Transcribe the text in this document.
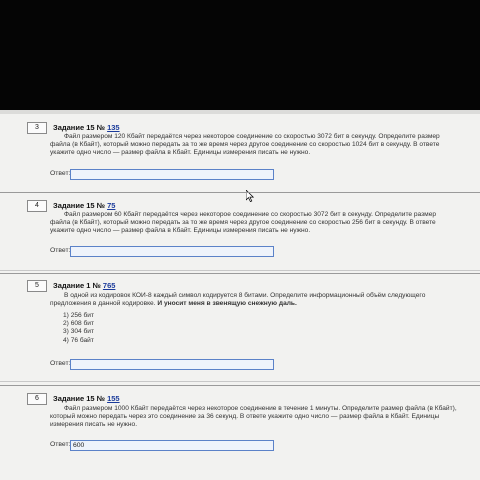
3	Задание 15 № 135
Файл размером 120 Кбайт передаётся через некоторое соединение со скоростью 3072 бит в секунду. Определите размер файла (в Кбайт), который можно передать за то же время через другое соединение со скоростью 1024 бит в секунду. В ответе укажите одно число — размер файла в Кбайт. Единицы измерения писать не нужно.
Ответ:
4	Задание 15 № 75
Файл размером 60 Кбайт передаётся через некоторое соединение со скоростью 3072 бит в секунду. Определите размер файла (в Кбайт), который можно передать за то же время через другое соединение со скоростью 256 бит в секунду. В ответе укажите одно число — размер файла в Кбайт. Единицы измерения писать не нужно.
Ответ:
5	Задание 1 № 765
В одной из кодировок КОИ-8 каждый символ кодируется 8 битами. Определите информационный объём следующего предложения в данной кодировке. И уносит меня в звенящую снежную даль.
1) 256 бит
2) 608 бит
3) 304 бит
4) 76 байт
Ответ:
6	Задание 15 № 155
Файл размером 1000 Кбайт передаётся через некоторое соединение в течение 1 минуты. Определите размер файла (в Кбайт), который можно передать через это соединение за 36 секунд. В ответе укажите одно число — размер файла в Кбайт. Единицы измерения писать не нужно.
Ответ: 600
